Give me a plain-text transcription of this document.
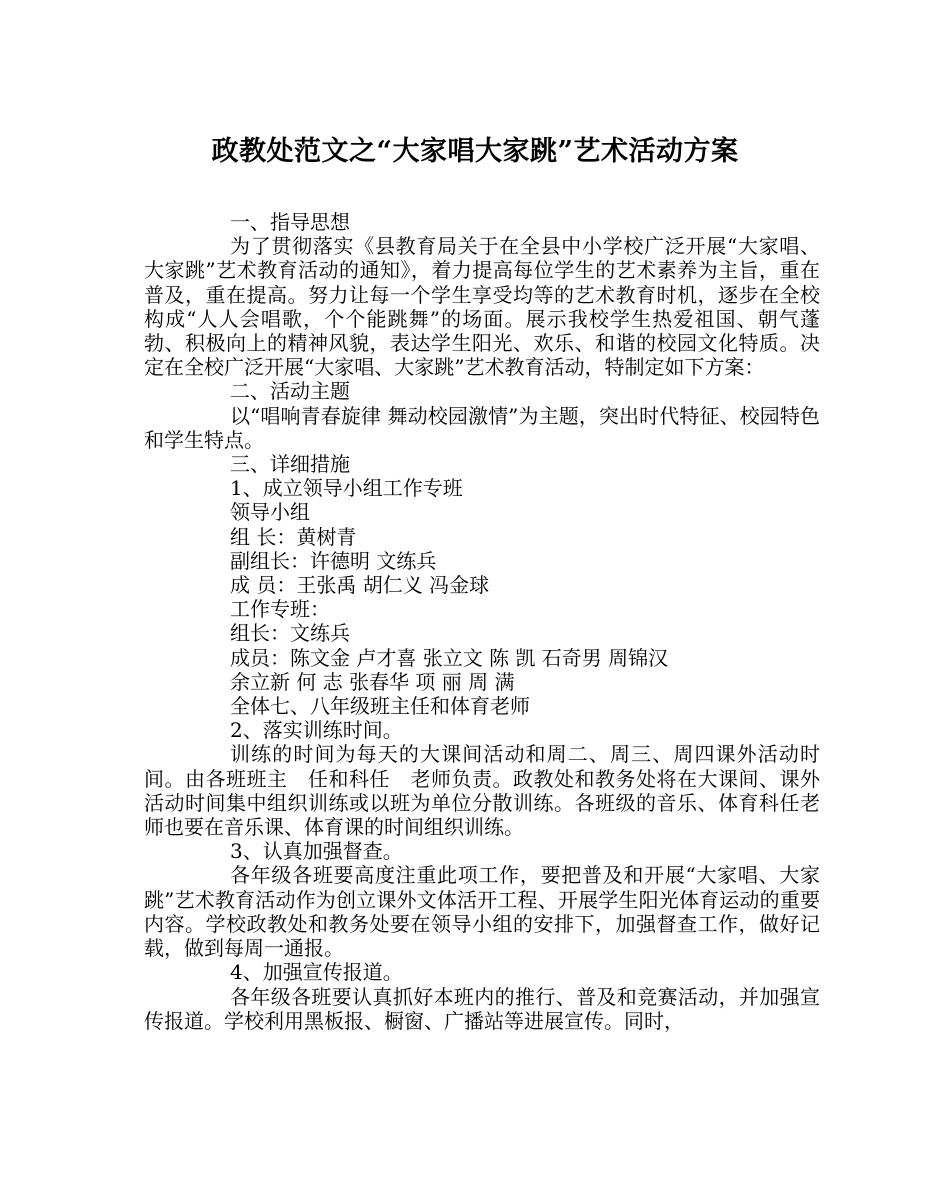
政教处范文之“大家唱大家跳”艺术活动方案

一、指导思想

为了贯彻落实《县教育局关于在全县中小学校广泛开展“大家唱、大家跳”艺术教育活动的通知》，着力提高每位学生的艺术素养为主旨，重在普及，重在提高。努力让每一个学生享受均等的艺术教育时机，逐步在全校构成“人人会唱歌，个个能跳舞”的场面。展示我校学生热爱祖国、朝气蓬勃、积极向上的精神风貌，表达学生阳光、欢乐、和谐的校园文化特质。决定在全校广泛开展“大家唱、大家跳”艺术教育活动，特制定如下方案：

二、活动主题

以“唱响青春旋律 舞动校园激情”为主题，突出时代特征、校园特色和学生特点。

三、详细措施

1、成立领导小组工作专班

领导小组

组 长：黄树青

副组长：许德明 文练兵

成 员：王张禹 胡仁义 冯金球

工作专班：

组长：文练兵

成员：陈文金 卢才喜 张立文 陈 凯 石奇男 周锦汉

余立新 何 志 张春华 项 丽 周 满

全体七、八年级班主任和体育老师

2、落实训练时间。

训练的时间为每天的大课间活动和周二、周三、周四课外活动时间。由各班班主　任和科任　老师负责。政教处和教务处将在大课间、课外活动时间集中组织训练或以班为单位分散训练。各班级的音乐、体育科任老师也要在音乐课、体育课的时间组织训练。

3、认真加强督查。

各年级各班要高度注重此项工作，要把普及和开展“大家唱、大家跳”艺术教育活动作为创立课外文体活开工程、开展学生阳光体育运动的重要内容。学校政教处和教务处要在领导小组的安排下，加强督查工作，做好记载，做到每周一通报。

4、加强宣传报道。

各年级各班要认真抓好本班内的推行、普及和竞赛活动，并加强宣传报道。学校利用黑板报、橱窗、广播站等进展宣传。同时，
